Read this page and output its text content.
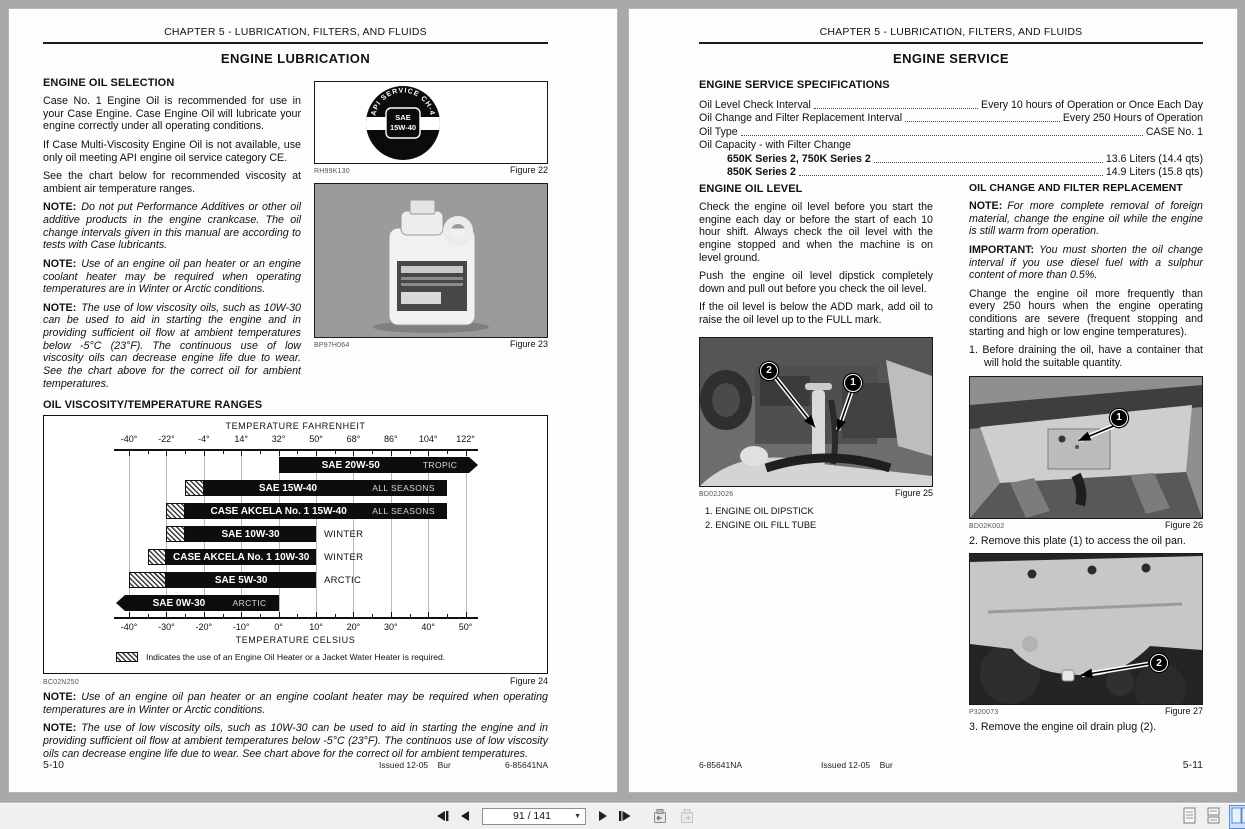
CHAPTER 5 - LUBRICATION, FILTERS, AND FLUIDS
ENGINE LUBRICATION
ENGINE OIL SELECTION

Case No. 1 Engine Oil is recommended for use in your Case Engine. Case Engine Oil will lubricate your engine correctly under all operating conditions.

If Case Multi-Viscosity Engine Oil is not available, use only oil meeting API engine oil service category CE.

See the chart below for recommended viscosity at ambient air temperature ranges.

NOTE: Do not put Performance Additives or other oil additive products in the engine crankcase. The oil change intervals given in this manual are according to tests with Case lubricants.

NOTE: Use of an engine oil pan heater or an engine coolant heater may be required when operating temperatures are in Winter or Arctic conditions.

NOTE: The use of low viscosity oils, such as 10W-30 can be used to aid in starting the engine and in providing sufficient oil flow at ambient temperatures below -5°C (23°F). The continuous use of low viscosity oils can decrease engine life due to wear. See the chart above for the correct oil for ambient temperatures.

API SERVICE CH-4
SAE
15W-40
RH99K130	Figure 22
BP97H064	Figure 23
OIL VISCOSITY/TEMPERATURE RANGES
TEMPERATURE FAHRENHEIT
TEMPERATURE CELSIUS
Indicates the use of an Engine Oil Heater or a Jacket Water Heater is required.
-40°
-40°
-22°
-30°
-4°
-20°
14°
-10°
32°
0°
50°
10°
68°
20°
86°
30°
104°
40°
122°
50°
SAE 20W-50	TROPIC
SAE 15W-40	ALL SEASONS
CASE AKCELA No. 1 15W-40	ALL SEASONS
SAE 10W-30	WINTER
CASE AKCELA No. 1 10W-30	WINTER
SAE 5W-30	ARCTIC
SAE 0W-30	ARCTIC
BC02N250	Figure 24

NOTE: Use of an engine oil pan heater or an engine coolant heater may be required when operating temperatures are in Winter or Arctic conditions.

NOTE: The use of low viscosity oils, such as 10W-30 can be used to aid in starting the engine and in providing sufficient oil flow at ambient temperatures below -5°C (23°F). The continuos use of low viscosity oils can decrease engine life due to wear. See chart above for the correct oil for ambient temperatures.

5-10	Issued 12-05    Bur	6-85641NA
CHAPTER 5 - LUBRICATION, FILTERS, AND FLUIDS
ENGINE SERVICE
ENGINE SERVICE SPECIFICATIONS
Oil Level Check Interval	Every 10 hours of Operation or Once Each Day
Oil Change and Filter Replacement Interval	Every 250 Hours of Operation
Oil Type	CASE No. 1
Oil Capacity - with Filter Change
650K Series 2, 750K Series 2	13.6 Liters (14.4 qts)
850K Series 2	14.9 Liters (15.8 qts)
ENGINE OIL LEVEL

Check the engine oil level before you start the engine each day or before the start of each 10 hour shift. Always check the oil level with the engine stopped and when the machine is on level ground.

Push the engine oil level dipstick completely down and pull out before you check the oil level.

If the oil level is below the ADD mark, add oil to raise the oil level up to the FULL mark.

2
1
BD02J026	Figure 25
1. ENGINE OIL DIPSTICK
2. ENGINE OIL FILL TUBE
OIL CHANGE AND FILTER REPLACEMENT

NOTE: For more complete removal of foreign material, change the engine oil while the engine is still warm from operation.

IMPORTANT: You must shorten the oil change interval if you use diesel fuel with a sulphur content of more than 0.5%.

Change the engine oil more frequently than every 250 hours when the engine operating conditions are severe (frequent stopping and starting and high or low engine temperatures).

1. Before draining the oil, have a container that will hold the suitable quantity.

1
BD02K002	Figure 26

2. Remove this plate (1) to access the oil pan.

2
P320073	Figure 27

3. Remove the engine oil drain plug (2).

6-85641NA	Issued 12-05    Bur	5-11
91 / 141	▼
